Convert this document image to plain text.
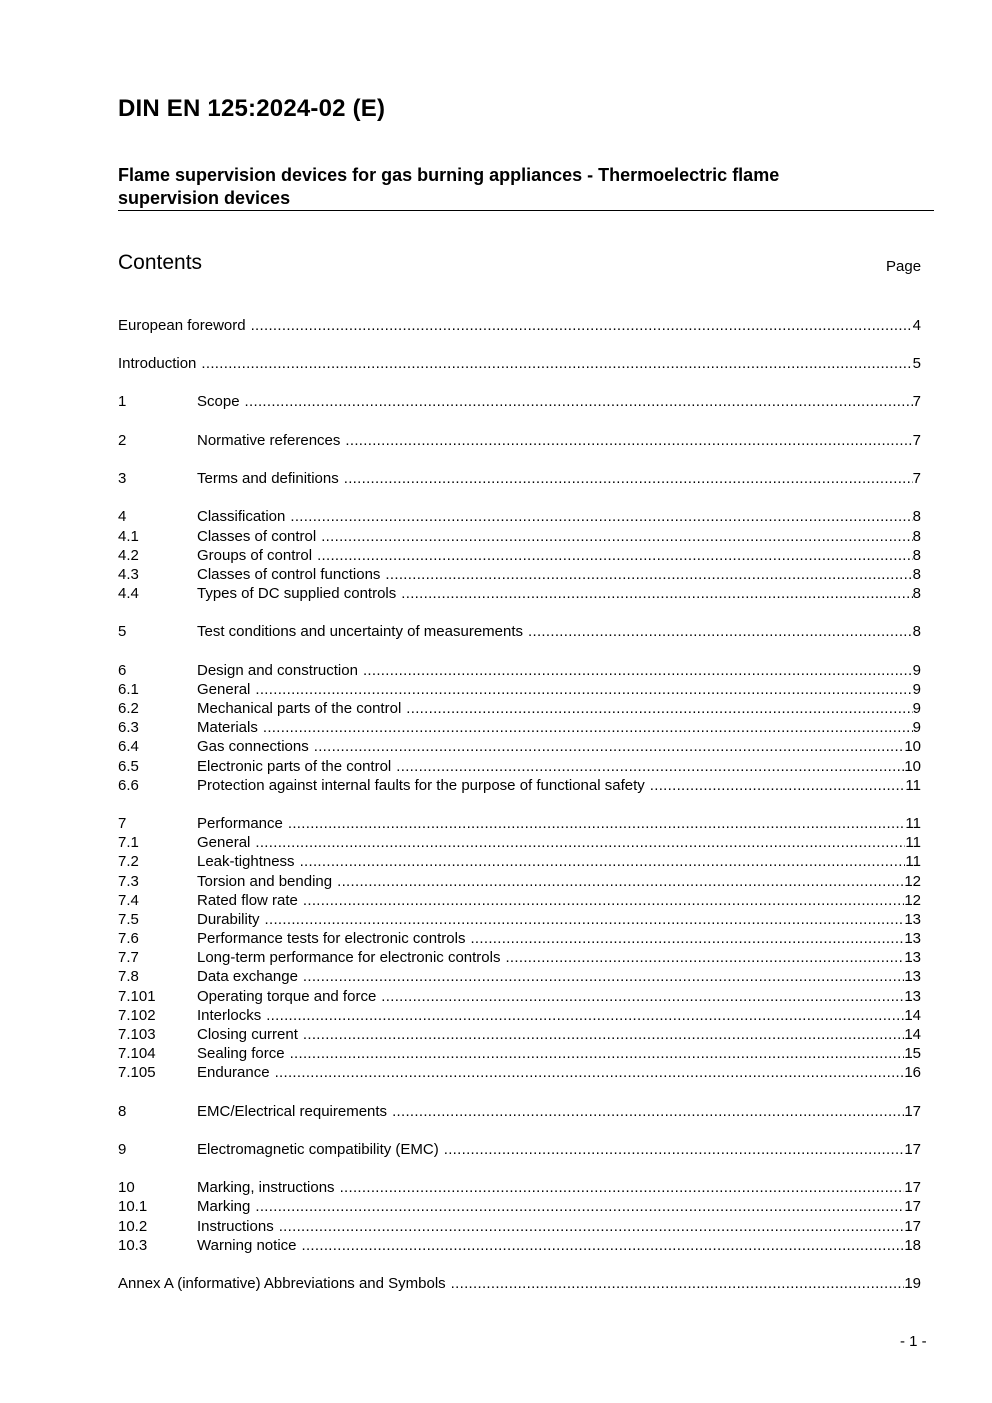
DIN EN 125:2024-02 (E)
Flame supervision devices for gas burning appliances - Thermoelectric flame
supervision devices
Contents	Page
European foreword .....	4
Introduction .....	5
1	Scope .....	7
2	Normative references .....	7
3	Terms and definitions .....	7
4	Classification .....	8
4.1	Classes of control .....	8
4.2	Groups of control .....	8
4.3	Classes of control functions .....	8
4.4	Types of DC supplied controls .....	8
5	Test conditions and uncertainty of measurements .....	8
6	Design and construction .....	9
6.1	General .....	9
6.2	Mechanical parts of the control .....	9
6.3	Materials .....	9
6.4	Gas connections .....	10
6.5	Electronic parts of the control .....	10
6.6	Protection against internal faults for the purpose of functional safety .....	11
7	Performance .....	11
7.1	General .....	11
7.2	Leak-tightness .....	11
7.3	Torsion and bending .....	12
7.4	Rated flow rate .....	12
7.5	Durability .....	13
7.6	Performance tests for electronic controls .....	13
7.7	Long-term performance for electronic controls .....	13
7.8	Data exchange .....	13
7.101	Operating torque and force .....	13
7.102	Interlocks .....	14
7.103	Closing current .....	14
7.104	Sealing force .....	15
7.105	Endurance .....	16
8	EMC/Electrical requirements .....	17
9	Electromagnetic compatibility (EMC) .....	17
10	Marking, instructions .....	17
10.1	Marking .....	17
10.2	Instructions .....	17
10.3	Warning notice .....	18
Annex A (informative) Abbreviations and Symbols .....	19
- 1 -
